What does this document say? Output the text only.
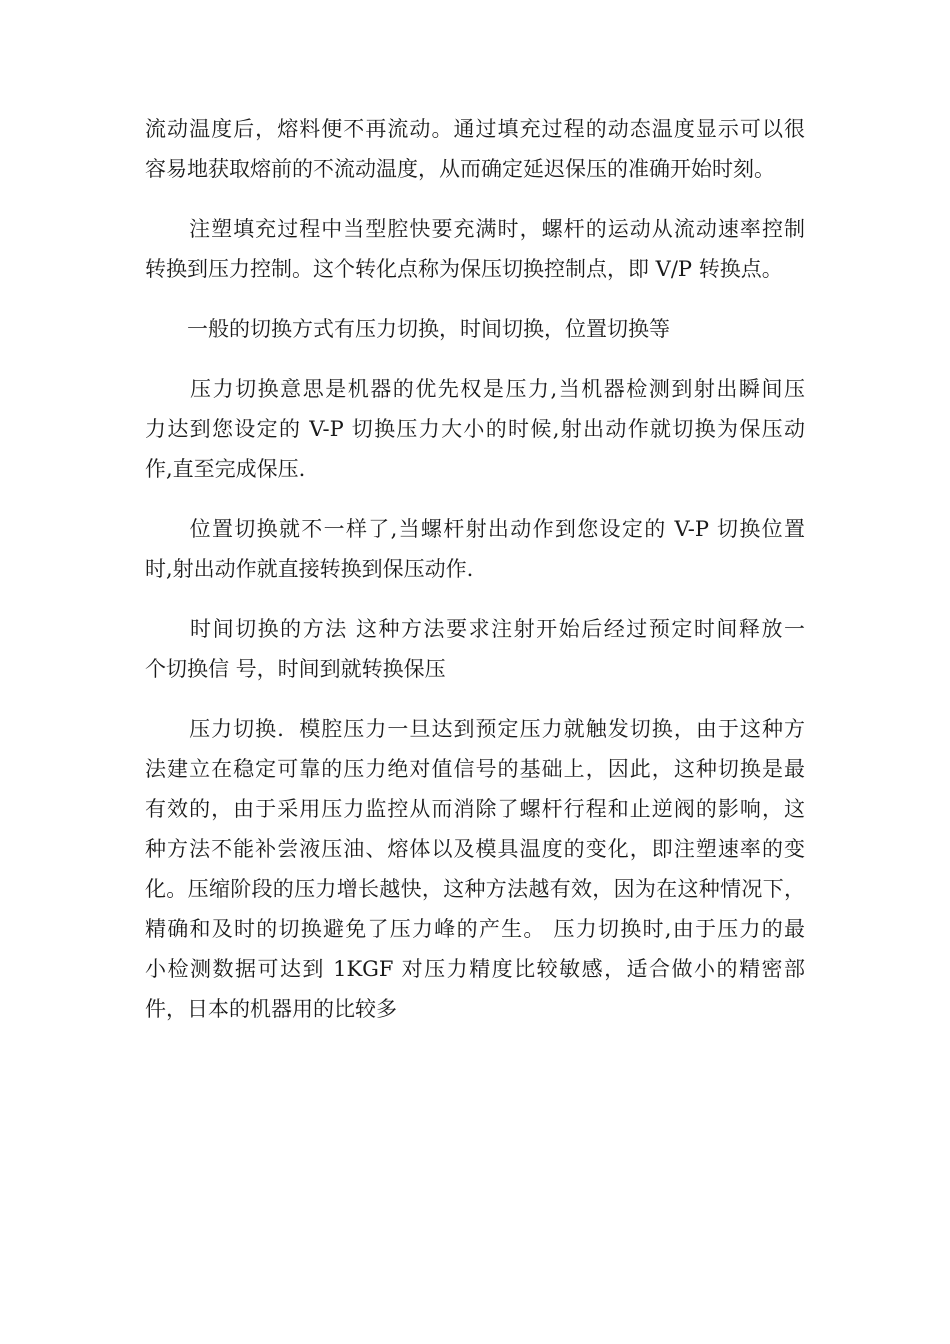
流动温度后，熔料便不再流动。通过填充过程的动态温度显示可以很
容易地获取熔前的不流动温度，从而确定延迟保压的准确开始时刻。
　　注塑填充过程中当型腔快要充满时，螺杆的运动从流动速率控制
转换到压力控制。这个转化点称为保压切换控制点，即 V/P 转换点。
　　一般的切换方式有压力切换，时间切换，位置切换等
　　压力切换意思是机器的优先权是压力,当机器检测到射出瞬间压
力达到您设定的 V-P 切换压力大小的时候,射出动作就切换为保压动
作,直至完成保压.
　　位置切换就不一样了,当螺杆射出动作到您设定的 V-P 切换位置
时,射出动作就直接转换到保压动作.
　　时间切换的方法 这种方法要求注射开始后经过预定时间释放一
个切换信 号，时间到就转换保压
　　压力切换．模腔压力一旦达到预定压力就触发切换，由于这种方
法建立在稳定可靠的压力绝对值信号的基础上，因此，这种切换是最
有效的，由于采用压力监控从而消除了螺杆行程和止逆阀的影响，这
种方法不能补尝液压油、熔体以及模具温度的变化，即注塑速率的变
化。压缩阶段的压力增长越快，这种方法越有效，因为在这种情况下，
精确和及时的切换避免了压力峰的产生。 压力切换时,由于压力的最
小检测数据可达到 1KGF 对压力精度比较敏感，适合做小的精密部
件，日本的机器用的比较多
